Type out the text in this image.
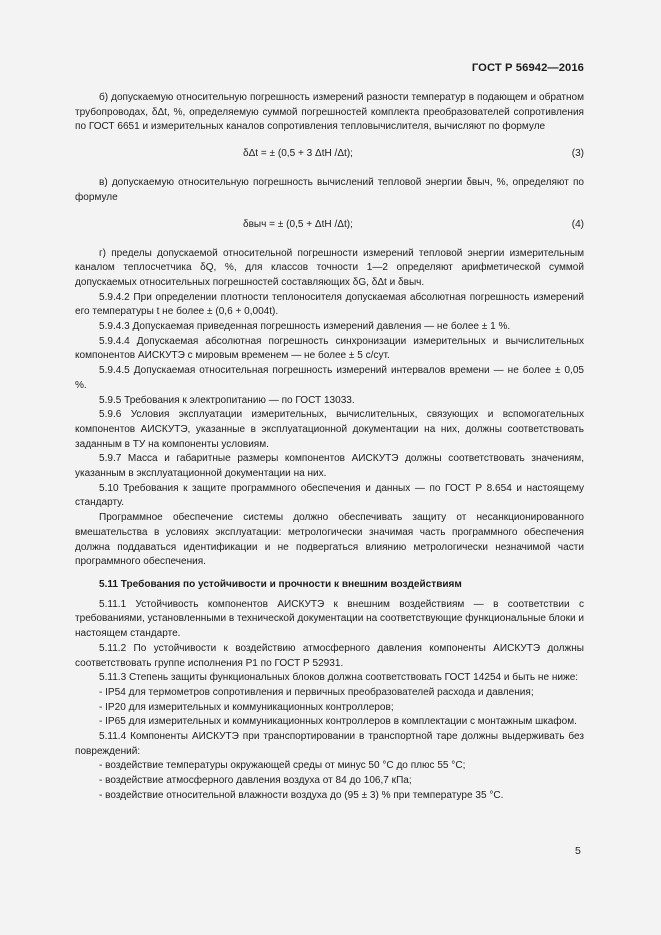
ГОСТ Р 56942—2016

б) допускаемую относительную погрешность измерений разности температур в подающем и обратном трубопроводах, δΔt, %, определяемую суммой погрешностей комплекта преобразователей сопротивления по ГОСТ 6651 и измерительных каналов сопротивления тепловычислителя, вычисляют по формуле

δΔt = ± (0,5 + 3 ΔtН /Δt);	(3)

в) допускаемую относительную погрешность вычислений тепловой энергии δвыч, %, определяют по формуле

δвыч = ± (0,5 + ΔtН /Δt);	(4)

г) пределы допускаемой относительной погрешности измерений тепловой энергии измерительным каналом теплосчетчика δQ, %, для классов точности 1—2 определяют арифметической суммой допускаемых относительных погрешностей составляющих δG, δΔt и δвыч.

5.9.4.2 При определении плотности теплоносителя допускаемая абсолютная погрешность измерений его температуры t не более ± (0,6 + 0,004t).

5.9.4.3 Допускаемая приведенная погрешность измерений давления — не более ± 1 %.

5.9.4.4 Допускаемая абсолютная погрешность синхронизации измерительных и вычислительных компонентов АИСКУТЭ с мировым временем — не более ± 5 с/сут.

5.9.4.5 Допускаемая относительная погрешность измерений интервалов времени — не более ± 0,05 %.

5.9.5 Требования к электропитанию — по ГОСТ 13033.

5.9.6 Условия эксплуатации измерительных, вычислительных, связующих и вспомогательных компонентов АИСКУТЭ, указанные в эксплуатационной документации на них, должны соответствовать заданным в ТУ на компоненты условиям.

5.9.7 Масса и габаритные размеры компонентов АИСКУТЭ должны соответствовать значениям, указанным в эксплуатационной документации на них.

5.10 Требования к защите программного обеспечения и данных — по ГОСТ Р 8.654 и настоящему стандарту.

Программное обеспечение системы должно обеспечивать защиту от несанкционированного вмешательства в условиях эксплуатации: метрологически значимая часть программного обеспечения должна поддаваться идентификации и не подвергаться влиянию метрологически незначимой части программного обеспечения.

5.11 Требования по устойчивости и прочности к внешним воздействиям

5.11.1 Устойчивость компонентов АИСКУТЭ к внешним воздействиям — в соответствии с требованиями, установленными в технической документации на соответствующие функциональные блоки и настоящем стандарте.

5.11.2 По устойчивости к воздействию атмосферного давления компоненты АИСКУТЭ должны соответствовать группе исполнения Р1 по ГОСТ Р 52931.

5.11.3 Степень защиты функциональных блоков должна соответствовать ГОСТ 14254 и быть не ниже:

- IP54 для термометров сопротивления и первичных преобразователей расхода и давления;

- IP20 для измерительных и коммуникационных контроллеров;

- IP65 для измерительных и коммуникационных контроллеров в комплектации с монтажным шкафом.

5.11.4 Компоненты АИСКУТЭ при транспортировании в транспортной таре должны выдерживать без повреждений:

- воздействие температуры окружающей среды от минус 50 °С до плюс 55 °С;

- воздействие атмосферного давления воздуха от 84 до 106,7 кПа;

- воздействие относительной влажности воздуха до (95 ± 3) % при температуре 35 °С.

5
